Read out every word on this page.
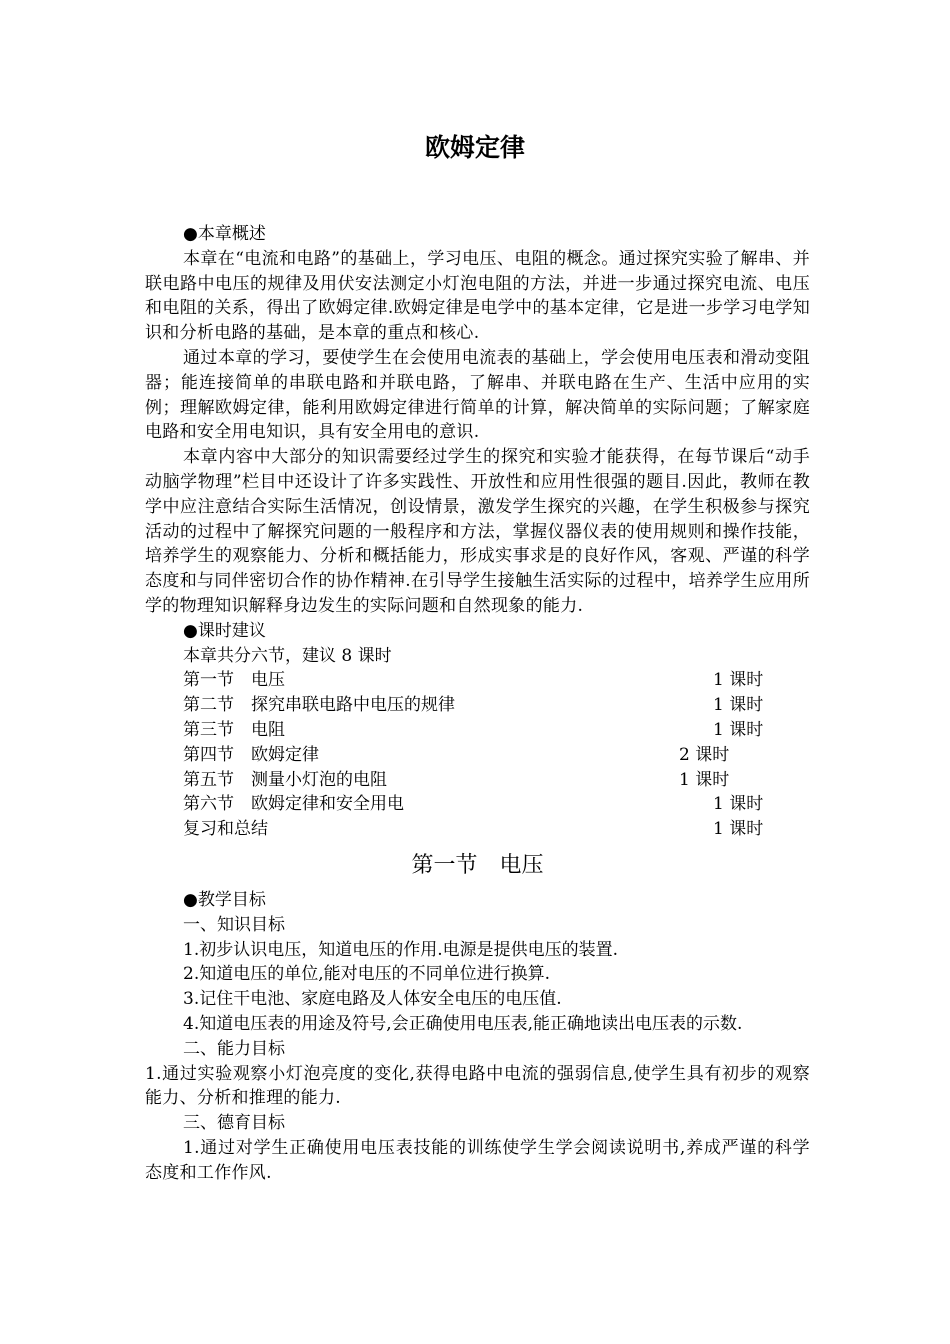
欧姆定律

●本章概述

本章在“电流和电路”的基础上，学习电压、电阻的概念。通过探究实验了解串、并联电路中电压的规律及用伏安法测定小灯泡电阻的方法，并进一步通过探究电流、电压和电阻的关系，得出了欧姆定律.欧姆定律是电学中的基本定律，它是进一步学习电学知识和分析电路的基础，是本章的重点和核心.

通过本章的学习，要使学生在会使用电流表的基础上，学会使用电压表和滑动变阻器；能连接简单的串联电路和并联电路，了解串、并联电路在生产、生活中应用的实例；理解欧姆定律，能利用欧姆定律进行简单的计算，解决简单的实际问题；了解家庭电路和安全用电知识，具有安全用电的意识.

本章内容中大部分的知识需要经过学生的探究和实验才能获得，在每节课后“动手动脑学物理”栏目中还设计了许多实践性、开放性和应用性很强的题目.因此，教师在教学中应注意结合实际生活情况，创设情景，激发学生探究的兴趣，在学生积极参与探究活动的过程中了解探究问题的一般程序和方法，掌握仪器仪表的使用规则和操作技能，培养学生的观察能力、分析和概括能力，形成实事求是的良好作风，客观、严谨的科学态度和与同伴密切合作的协作精神.在引导学生接触生活实际的过程中，培养学生应用所学的物理知识解释身边发生的实际问题和自然现象的能力.

●课时建议

本章共分六节，建议 8 课时

第一节　电压	1 课时
第二节　探究串联电路中电压的规律	1 课时
第三节　电阻	1 课时
第四节　欧姆定律	2 课时
第五节　测量小灯泡的电阻	1 课时
第六节　欧姆定律和安全用电	1 课时
复习和总结	1 课时
第一节　电压

●教学目标

一、知识目标

1.初步认识电压，知道电压的作用.电源是提供电压的装置.

2.知道电压的单位,能对电压的不同单位进行换算.

3.记住干电池、家庭电路及人体安全电压的电压值.

4.知道电压表的用途及符号,会正确使用电压表,能正确地读出电压表的示数.

二、能力目标

1.通过实验观察小灯泡亮度的变化,获得电路中电流的强弱信息,使学生具有初步的观察能力、分析和推理的能力.

三、德育目标

1.通过对学生正确使用电压表技能的训练使学生学会阅读说明书,养成严谨的科学态度和工作作风.
